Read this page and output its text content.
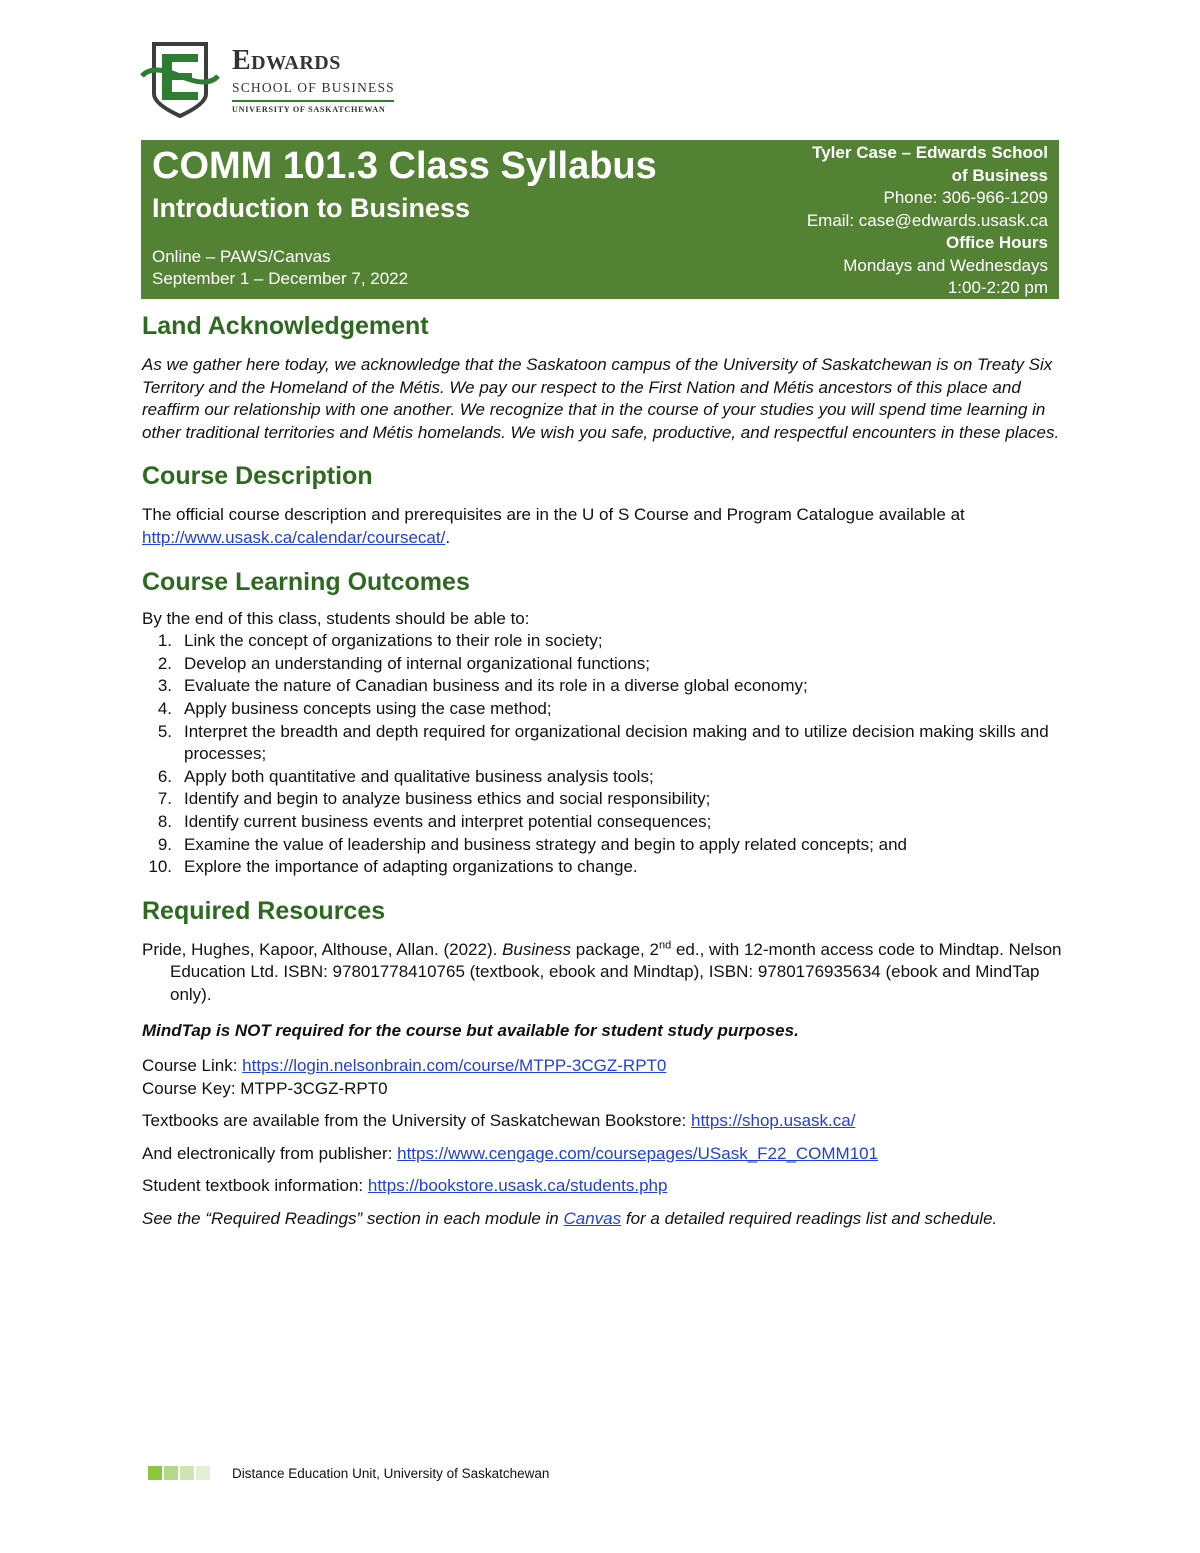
Edwards
SCHOOL OF BUSINESS
UNIVERSITY OF SASKATCHEWAN
COMM 101.3 Class Syllabus
Introduction to Business
Online – PAWS/Canvas
September 1 – December 7, 2022
Tyler Case – Edwards School
of Business
Phone: 306-966-1209
Email: case@edwards.usask.ca
Office Hours
Mondays and Wednesdays
1:00-2:20 pm
Land Acknowledgement

As we gather here today, we acknowledge that the Saskatoon campus of the University of Saskatchewan is on Treaty Six Territory and the Homeland of the Métis. We pay our respect to the First Nation and Métis ancestors of this place and reaffirm our relationship with one another. We recognize that in the course of your studies you will spend time learning in other traditional territories and Métis homelands. We wish you safe, productive, and respectful encounters in these places.

Course Description

The official course description and prerequisites are in the U of S Course and Program Catalogue available at http://www.usask.ca/calendar/coursecat/.

Course Learning Outcomes

By the end of this class, students should be able to:

1. Link the concept of organizations to their role in society;
2. Develop an understanding of internal organizational functions;
3. Evaluate the nature of Canadian business and its role in a diverse global economy;
4. Apply business concepts using the case method;
5. Interpret the breadth and depth required for organizational decision making and to utilize decision making skills and processes;
6. Apply both quantitative and qualitative business analysis tools;
7. Identify and begin to analyze business ethics and social responsibility;
8. Identify current business events and interpret potential consequences;
9. Examine the value of leadership and business strategy and begin to apply related concepts; and
10. Explore the importance of adapting organizations to change.
Required Resources

Pride, Hughes, Kapoor, Althouse, Allan. (2022). Business package, 2nd ed., with 12-month access code to Mindtap. Nelson Education Ltd. ISBN: 97801778410765 (textbook, ebook and Mindtap), ISBN: 9780176935634 (ebook and MindTap only).

MindTap is NOT required for the course but available for student study purposes.

Course Link: https://login.nelsonbrain.com/course/MTPP-3CGZ-RPT0

Course Key: MTPP-3CGZ-RPT0

Textbooks are available from the University of Saskatchewan Bookstore: https://shop.usask.ca/

And electronically from publisher: https://www.cengage.com/coursepages/USask_F22_COMM101

Student textbook information: https://bookstore.usask.ca/students.php

See the “Required Readings” section in each module in Canvas for a detailed required readings list and schedule.

Distance Education Unit, University of Saskatchewan
